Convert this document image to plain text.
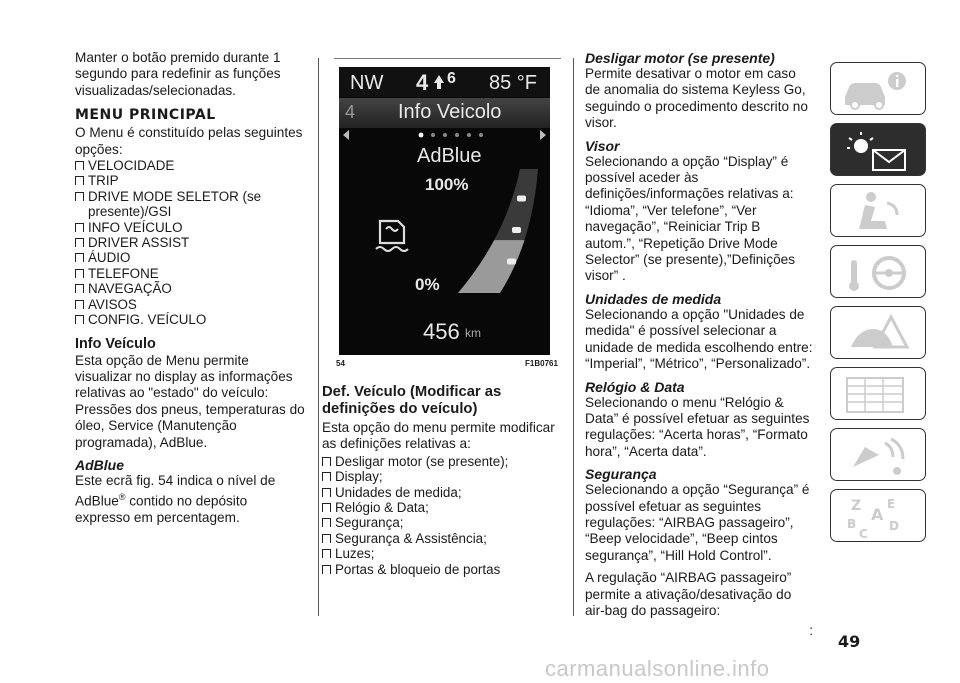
Manter o botão premido durante 1 segundo para redefinir as funções visualizadas/selecionadas.

MENU PRINCIPAL

O Menu é constituído pelas seguintes opções:

VELOCIDADE
TRIP
DRIVE MODE SELETOR (se presente)/GSI
INFO VEÍCULO
DRIVER ASSIST
ÁUDIO
TELEFONE
NAVEGAÇÃO
AVISOS
CONFIG. VEÍCULO
Info Veículo

Esta opção de Menu permite visualizar no display as informações relativas ao "estado" do veículo: Pressões dos pneus, temperaturas do óleo, Service (Manutenção programada), AdBlue.

AdBlue

Este ecrã fig. 54 indica o nível de AdBlue® contido no depósito expresso em percentagem.

NW 4 6 85 °F
4 Info Veicolo
AdBlue
100%
0%
456 km
54	F1B0761
Def. Veículo (Modificar as definições do veículo)

Esta opção do menu permite modificar as definições relativas a:

Desligar motor (se presente);
Display;
Unidades de medida;
Relógio & Data;
Segurança;
Segurança & Assistência;
Luzes;
Portas & bloqueio de portas
Desligar motor (se presente)

Permite desativar o motor em caso de anomalia do sistema Keyless Go, seguindo o procedimento descrito no visor.

Visor

Selecionando a opção “Display” é possível aceder às definições/informações relativas a: “Idioma”, “Ver telefone”, “Ver navegação”, “Reiniciar Trip B autom.”, “Repetição Drive Mode Selector” (se presente),”Definições visor” .

Unidades de medida

Selecionando a opção "Unidades de medida" é possível selecionar a unidade de medida escolhendo entre: “Imperial”, “Métrico”, “Personalizado”.

Relógio & Data

Selecionando o menu “Relógio & Data” é possível efetuar as seguintes regulações: “Acerta horas”, “Formato hora”, “Acerta data”.

Segurança

Selecionando a opção “Segurança” é possível efetuar as seguintes regulações: “AIRBAG passageiro”, “Beep velocidade”, “Beep cintos segurança”, “Hill Hold Control”.

A regulação “AIRBAG passageiro” permite a ativação/desativação do air-bag do passageiro:

:

Z E
A
B
C
D
49
carmanualsonline.info
